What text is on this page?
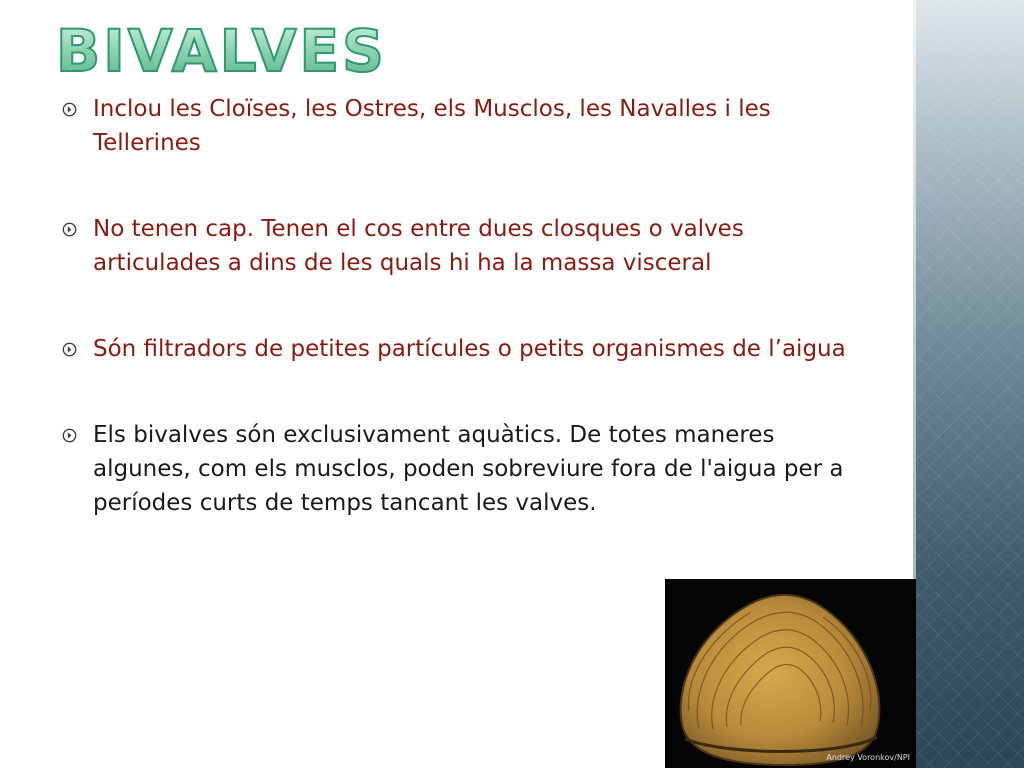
BIVALVES
Inclou les Cloïses, les Ostres, els Musclos, les Navalles i les Tellerines
No tenen cap. Tenen el cos entre dues closques o valves articulades a dins de les quals hi ha la massa visceral
Són filtradors de petites partícules o petits organismes de l’aigua
Els bivalves són exclusivament aquàtics. De totes maneres algunes, com els musclos, poden sobreviure fora de l'aigua per a períodes curts de temps tancant les valves.
Andrey Voronkov/NPI
